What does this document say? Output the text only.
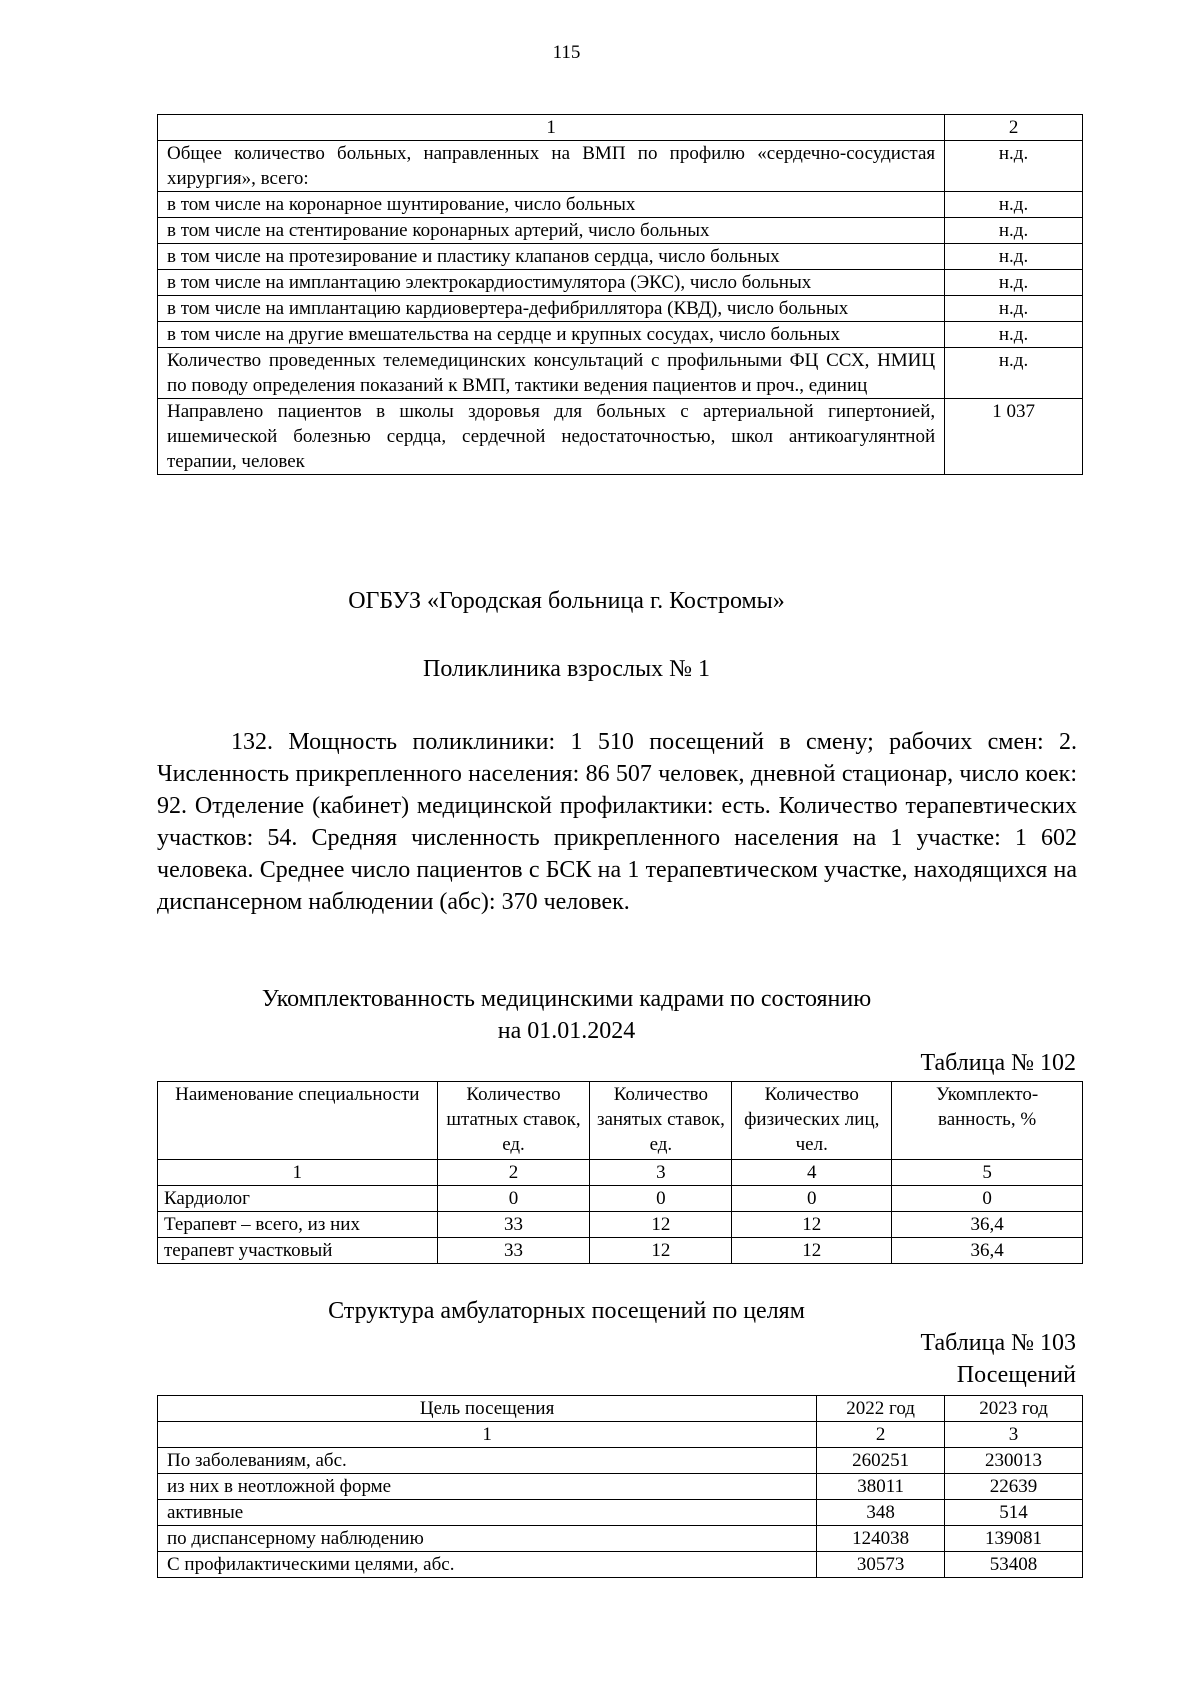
115
1	2
Общее количество больных, направленных на ВМП по профилю «сердечно-сосудистая хирургия», всего:	н.д.
в том числе на коронарное шунтирование, число больных	н.д.
в том числе на стентирование коронарных артерий, число больных	н.д.
в том числе на протезирование и пластику клапанов сердца, число больных	н.д.
в том числе на имплантацию электрокардиостимулятора (ЭКС), число больных	н.д.
в том числе на имплантацию кардиовертера-дефибриллятора (КВД), число больных	н.д.
в том числе на другие вмешательства на сердце и крупных сосудах, число больных	н.д.
Количество проведенных телемедицинских консультаций с профильными ФЦ ССХ, НМИЦ по поводу определения показаний к ВМП, тактики ведения пациентов и проч., единиц	н.д.
Направлено пациентов в школы здоровья для больных с артериальной гипертонией, ишемической болезнью сердца, сердечной недостаточностью, школ антикоагулянтной терапии, человек	1 037
ОГБУЗ «Городская больница г. Костромы»
Поликлиника взрослых № 1
132. Мощность поликлиники: 1 510 посещений в смену; рабочих смен: 2. Численность прикрепленного населения: 86 507 человек, дневной стационар, число коек: 92. Отделение (кабинет) медицинской профилактики: есть. Количество терапевтических участков: 54. Средняя численность прикрепленного населения на 1 участке: 1 602 человека. Среднее число пациентов с БСК на 1 терапевтическом участке, находящихся на диспансерном наблюдении (абс): 370 человек.
Укомплектованность медицинскими кадрами по состоянию
на 01.01.2024
Таблица № 102
Наименование специальности	Количество штатных ставок, ед.	Количество занятых ставок, ед.	Количество физических лиц, чел.	Укомплекто-ванность, %
1	2	3	4	5
Кардиолог	0	0	0	0
Терапевт – всего, из них	33	12	12	36,4
терапевт участковый	33	12	12	36,4
Структура амбулаторных посещений по целям
Таблица № 103
Посещений
Цель посещения	2022 год	2023 год
1	2	3
По заболеваниям, абс.	260251	230013
из них в неотложной форме	38011	22639
активные	348	514
по диспансерному наблюдению	124038	139081
С профилактическими целями, абс.	30573	53408
